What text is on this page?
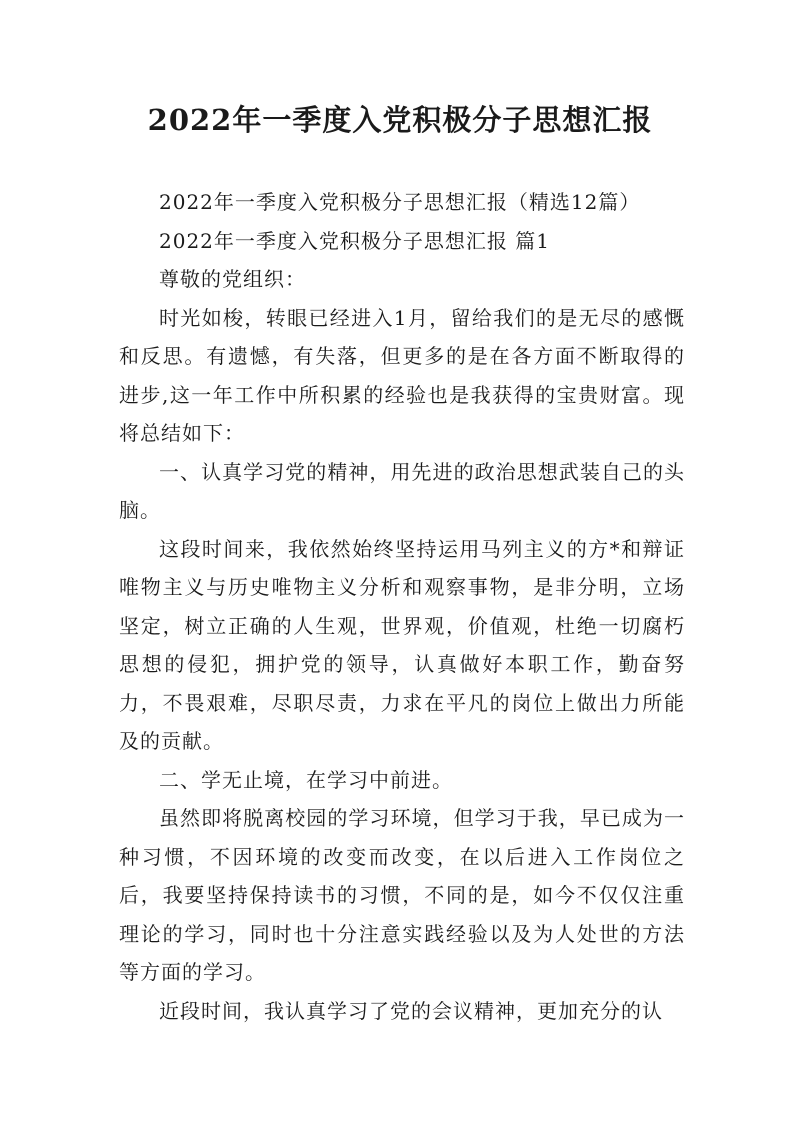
2022年一季度入党积极分子思想汇报

2022年一季度入党积极分子思想汇报（精选12篇）

2022年一季度入党积极分子思想汇报 篇1

尊敬的党组织：

时光如梭，转眼已经进入1月，留给我们的是无尽的感慨和反思。有遗憾，有失落，但更多的是在各方面不断取得的进步,这一年工作中所积累的经验也是我获得的宝贵财富。现将总结如下：

一、认真学习党的精神，用先进的政治思想武装自己的头脑。

这段时间来，我依然始终坚持运用马列主义的方*和辩证唯物主义与历史唯物主义分析和观察事物，是非分明，立场坚定，树立正确的人生观，世界观，价值观，杜绝一切腐朽思想的侵犯，拥护党的领导，认真做好本职工作，勤奋努力，不畏艰难，尽职尽责，力求在平凡的岗位上做出力所能及的贡献。

二、学无止境，在学习中前进。

虽然即将脱离校园的学习环境，但学习于我，早已成为一种习惯，不因环境的改变而改变，在以后进入工作岗位之后，我要坚持保持读书的习惯，不同的是，如今不仅仅注重理论的学习，同时也十分注意实践经验以及为人处世的方法等方面的学习。

近段时间，我认真学习了党的会议精神，更加充分的认
